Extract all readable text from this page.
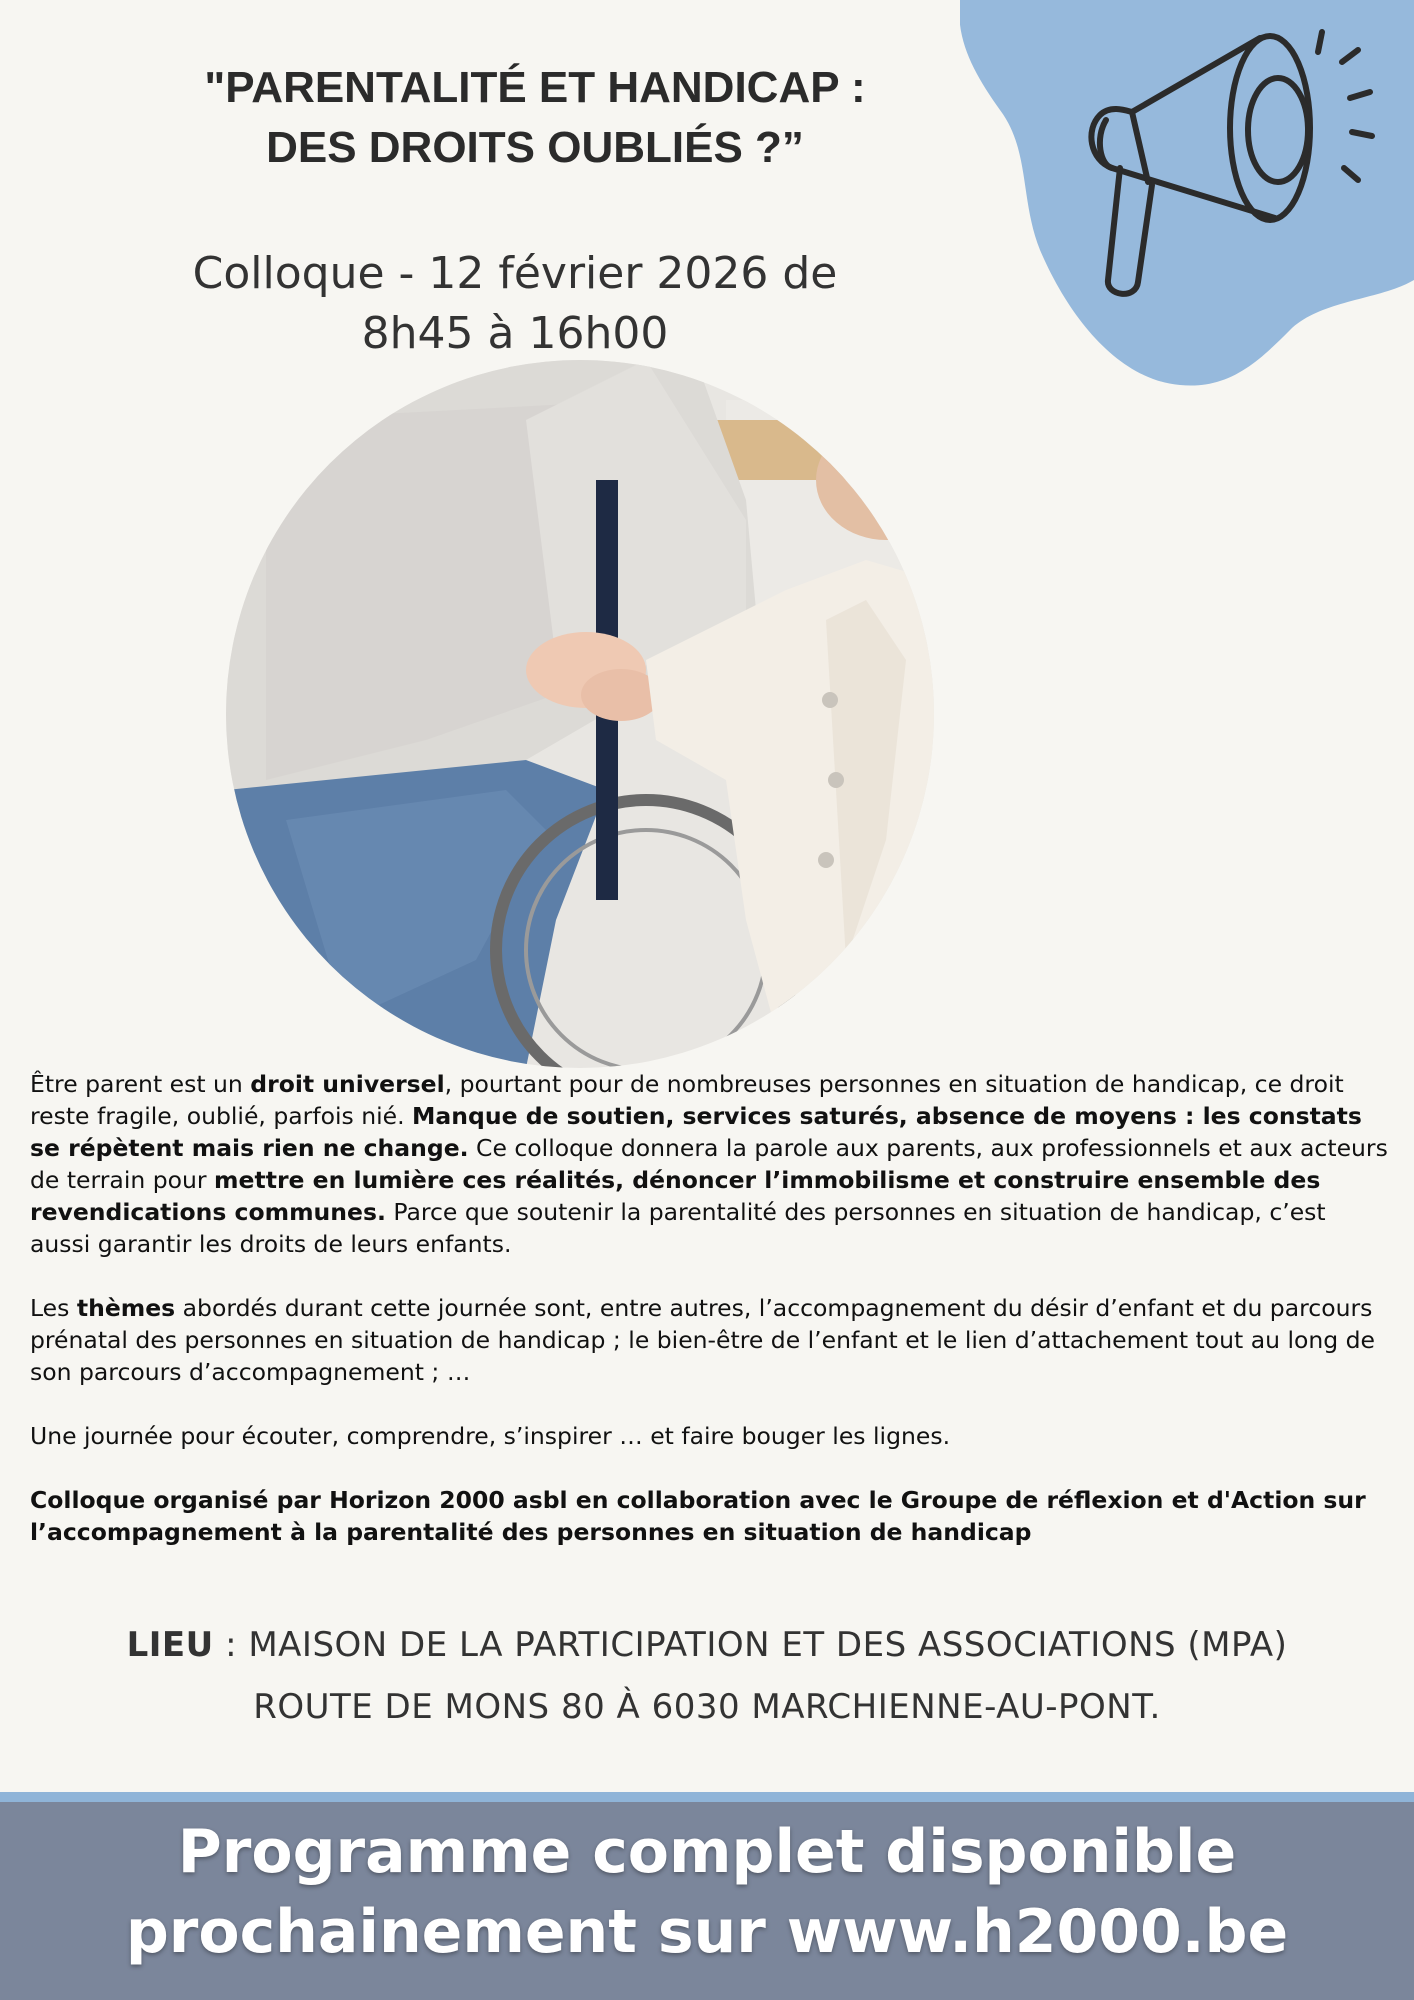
"PARENTALITÉ ET HANDICAP :
DES DROITS OUBLIÉS ?”
Colloque - 12 février 2026 de
8h45 à 16h00

Être parent est un droit universel, pourtant pour de nombreuses personnes en situation de handicap, ce droit reste fragile, oublié, parfois nié. Manque de soutien, services saturés, absence de moyens : les constats se répètent mais rien ne change. Ce colloque donnera la parole aux parents, aux professionnels et aux acteurs de terrain pour mettre en lumière ces réalités, dénoncer l’immobilisme et construire ensemble des revendications communes. Parce que soutenir la parentalité des personnes en situation de handicap, c’est aussi garantir les droits de leurs enfants.

Les thèmes abordés durant cette journée sont, entre autres, l’accompagnement du désir d’enfant et du parcours prénatal des personnes en situation de handicap ; le bien-être de l’enfant et le lien d’attachement tout au long de son parcours d’accompagnement ; …

Une journée pour écouter, comprendre, s’inspirer … et faire bouger les lignes.

Colloque organisé par Horizon 2000 asbl en collaboration avec le Groupe de réflexion et d'Action sur l’accompagnement à la parentalité des personnes en situation de handicap

LIEU : MAISON DE LA PARTICIPATION ET DES ASSOCIATIONS (MPA)
ROUTE DE MONS 80 À 6030 MARCHIENNE-AU-PONT.
Programme complet disponible
prochainement sur www.h2000.be
